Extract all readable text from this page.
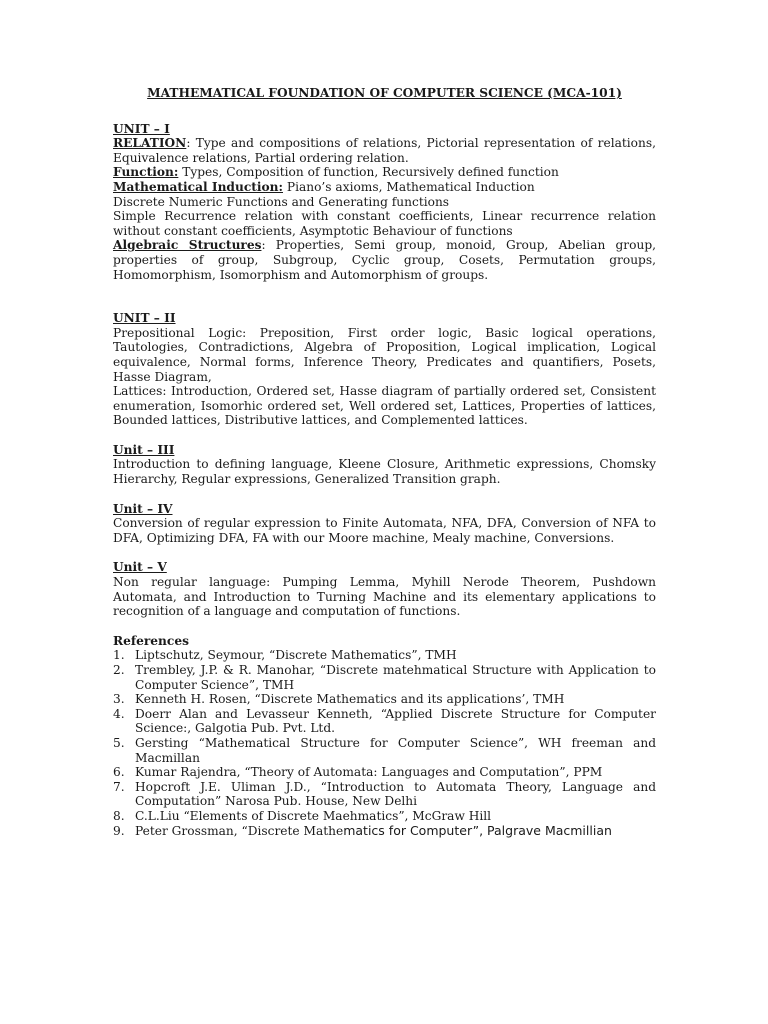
MATHEMATICAL FOUNDATION OF COMPUTER SCIENCE (MCA-101)
UNIT – I

RELATION: Type and compositions of relations, Pictorial representation of relations, Equivalence relations, Partial ordering relation.

Function: Types, Composition of function, Recursively defined function

Mathematical Induction: Piano’s axioms, Mathematical Induction

Discrete Numeric Functions and Generating functions

Simple Recurrence relation with constant coefficients, Linear recurrence relation without constant coefficients, Asymptotic Behaviour of functions

Algebraic Structures: Properties, Semi group, monoid, Group, Abelian group, properties of group, Subgroup, Cyclic group, Cosets, Permutation groups, Homomorphism, Isomorphism and Automorphism of groups.

UNIT – II

Prepositional Logic: Preposition, First order logic, Basic logical operations, Tautologies, Contradictions, Algebra of Proposition, Logical implication, Logical equivalence, Normal forms, Inference Theory, Predicates and quantifiers, Posets, Hasse Diagram,

Lattices: Introduction, Ordered set, Hasse diagram of partially ordered set, Consistent enumeration, Isomorhic ordered set, Well ordered set, Lattices, Properties of lattices, Bounded lattices, Distributive lattices, and Complemented lattices.

Unit – III

Introduction to defining language, Kleene Closure, Arithmetic expressions, Chomsky Hierarchy, Regular expressions, Generalized Transition graph.

Unit – IV

Conversion of regular expression to Finite Automata, NFA, DFA, Conversion of NFA to DFA, Optimizing DFA, FA with our Moore machine, Mealy machine, Conversions.

Unit – V

Non regular language: Pumping Lemma, Myhill Nerode Theorem, Pushdown Automata, and Introduction to Turning Machine and its elementary applications to recognition of a language and computation of functions.

References
1. Liptschutz, Seymour, “Discrete Mathematics”, TMH
2. Trembley, J.P. & R. Manohar, “Discrete matehmatical Structure with Application to Computer Science”, TMH
3. Kenneth H. Rosen, “Discrete Mathematics and its applications’, TMH
4. Doerr Alan and Levasseur Kenneth, “Applied Discrete Structure for Computer Science:, Galgotia Pub. Pvt. Ltd.
5. Gersting “Mathematical Structure for Computer Science”, WH freeman and Macmillan
6. Kumar Rajendra, “Theory of Automata: Languages and Computation”, PPM
7. Hopcroft J.E. Uliman J.D., “Introduction to Automata Theory, Language and Computation” Narosa Pub. House, New Delhi
8. C.L.Liu “Elements of Discrete Maehmatics”, McGraw Hill
9. Peter Grossman, “Discrete Mathematics for Computer”, Palgrave Macmillian
